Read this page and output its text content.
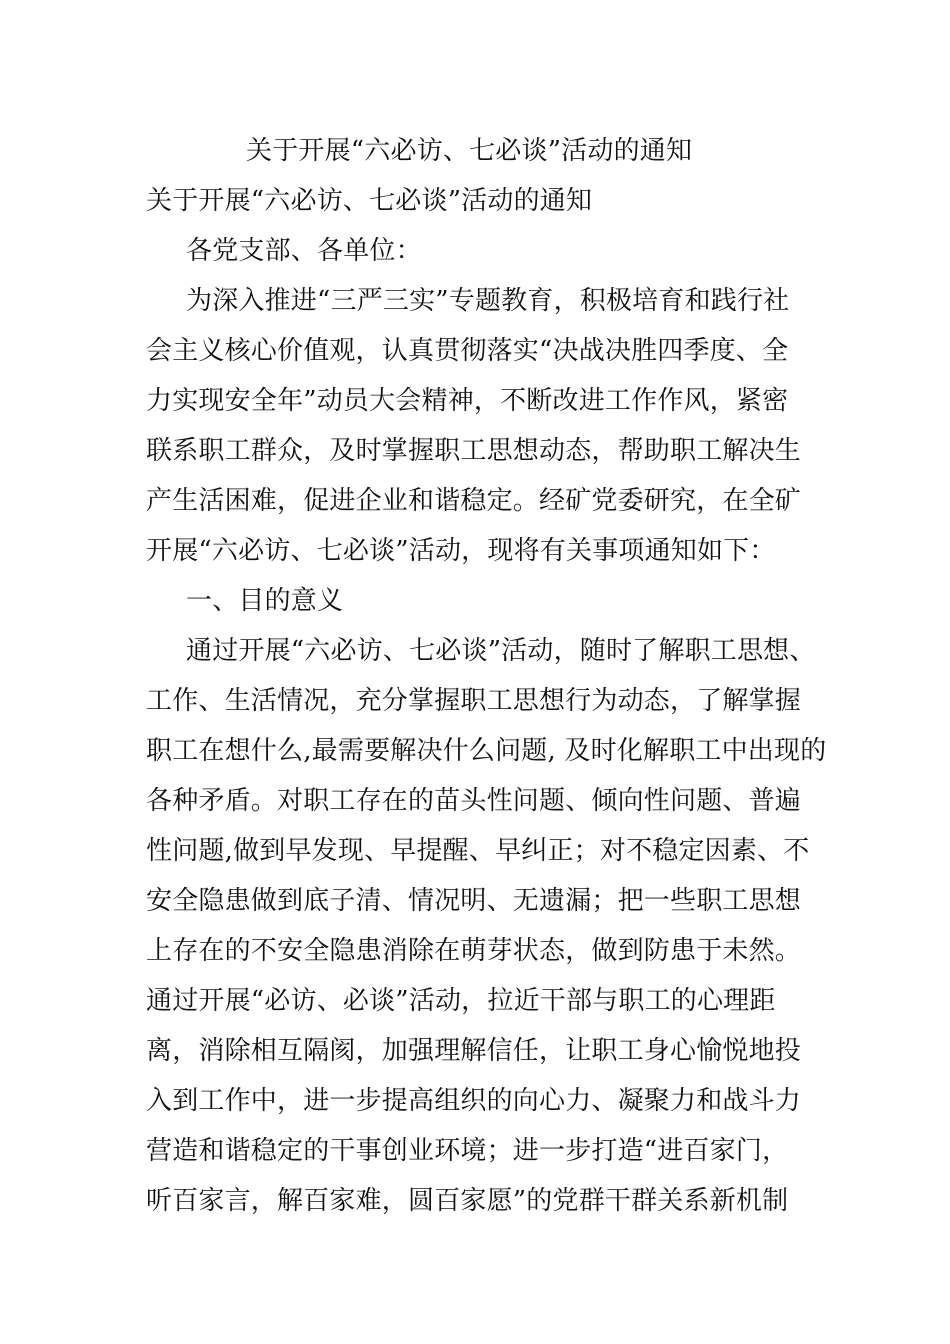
关于开展“六必访、七必谈”活动的通知
关于开展“六必访、七必谈”活动的通知
各党支部、各单位：
为深入推进“三严三实”专题教育，积极培育和践行社
会主义核心价值观，认真贯彻落实“决战决胜四季度、全
力实现安全年”动员大会精神，不断改进工作作风，紧密
联系职工群众，及时掌握职工思想动态，帮助职工解决生
产生活困难，促进企业和谐稳定。经矿党委研究，在全矿
开展“六必访、七必谈”活动，现将有关事项通知如下：
一、目的意义
通过开展“六必访、七必谈”活动，随时了解职工思想、
工作、生活情况，充分掌握职工思想行为动态，了解掌握
职工在想什么,最需要解决什么问题, 及时化解职工中出现的
各种矛盾。对职工存在的苗头性问题、倾向性问题、普遍
性问题,做到早发现、早提醒、早纠正；对不稳定因素、不
安全隐患做到底子清、情况明、无遗漏；把一些职工思想
上存在的不安全隐患消除在萌芽状态，做到防患于未然。
通过开展“必访、必谈”活动，拉近干部与职工的心理距
离，消除相互隔阂，加强理解信任，让职工身心愉悦地投
入到工作中，进一步提高组织的向心力、凝聚力和战斗力
营造和谐稳定的干事创业环境；进一步打造“进百家门，
听百家言，解百家难，圆百家愿”的党群干群关系新机制
